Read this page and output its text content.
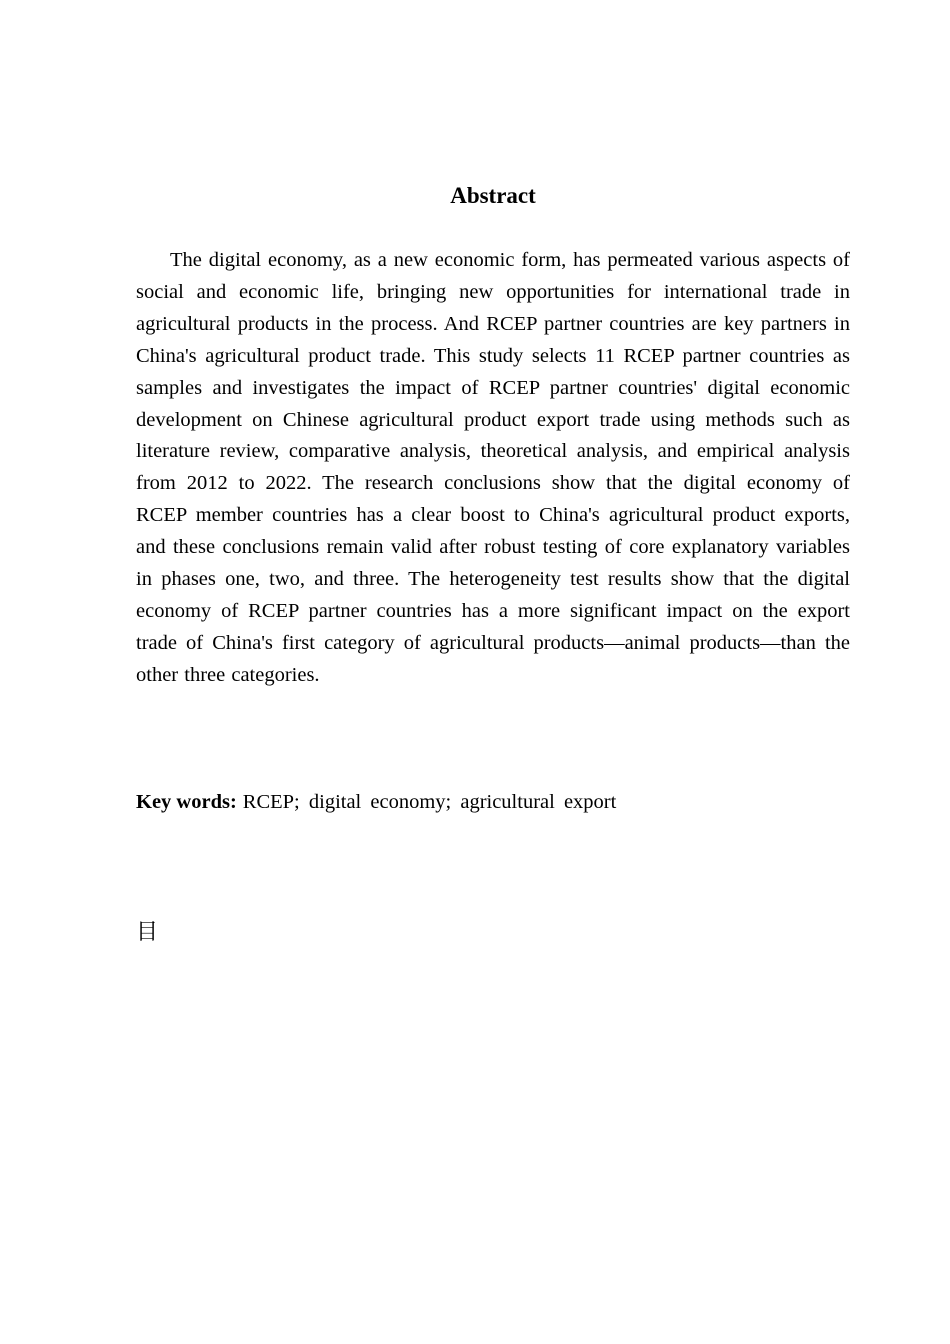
Abstract

The digital economy, as a new economic form, has permeated various aspects of social and economic life, bringing new opportunities for international trade in agricultural products in the process. And RCEP partner countries are key partners in China's agricultural product trade. This study selects 11 RCEP partner countries as samples and investigates the impact of RCEP partner countries' digital economic development on Chinese agricultural product export trade using methods such as literature review, comparative analysis, theoretical analysis, and empirical analysis from 2012 to 2022. The research conclusions show that the digital economy of RCEP member countries has a clear boost to China's agricultural product exports, and these conclusions remain valid after robust testing of core explanatory variables in phases one, two, and three. The heterogeneity test results show that the digital economy of RCEP partner countries has a more significant impact on the export trade of China's first category of agricultural products—animal products—than the other three categories.

Key words: RCEP; digital economy; agricultural export

目
